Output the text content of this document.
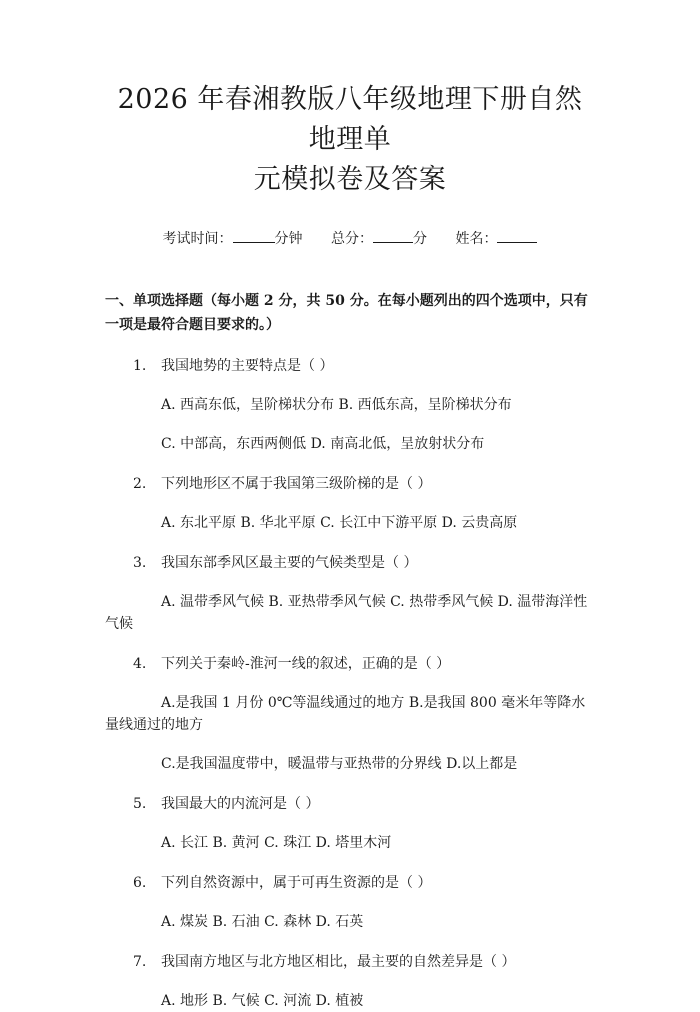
2026 年春湘教版八年级地理下册自然地理单
元模拟卷及答案
考试时间：	分钟 总分：	分 姓名：
一、单项选择题（每小题 2 分，共 50 分。在每小题列出的四个选项中，只有一项是最符合题目要求的。）
1. 我国地势的主要特点是（ ）
A. 西高东低，呈阶梯状分布 B. 西低东高，呈阶梯状分布
C. 中部高，东西两侧低 D. 南高北低，呈放射状分布
2. 下列地形区不属于我国第三级阶梯的是（ ）
A. 东北平原 B. 华北平原 C. 长江中下游平原 D. 云贵高原
3. 我国东部季风区最主要的气候类型是（ ）
A. 温带季风气候 B. 亚热带季风气候 C. 热带季风气候 D. 温带海洋性气候
4. 下列关于秦岭-淮河一线的叙述，正确的是（ ）
A.是我国 1 月份 0℃等温线通过的地方 B.是我国 800 毫米年等降水量线通过的地方
C.是我国温度带中，暖温带与亚热带的分界线 D.以上都是
5. 我国最大的内流河是（ ）
A. 长江 B. 黄河 C. 珠江 D. 塔里木河
6. 下列自然资源中，属于可再生资源的是（ ）
A. 煤炭 B. 石油 C. 森林 D. 石英
7. 我国南方地区与北方地区相比，最主要的自然差异是（ ）
A. 地形 B. 气候 C. 河流 D. 植被
